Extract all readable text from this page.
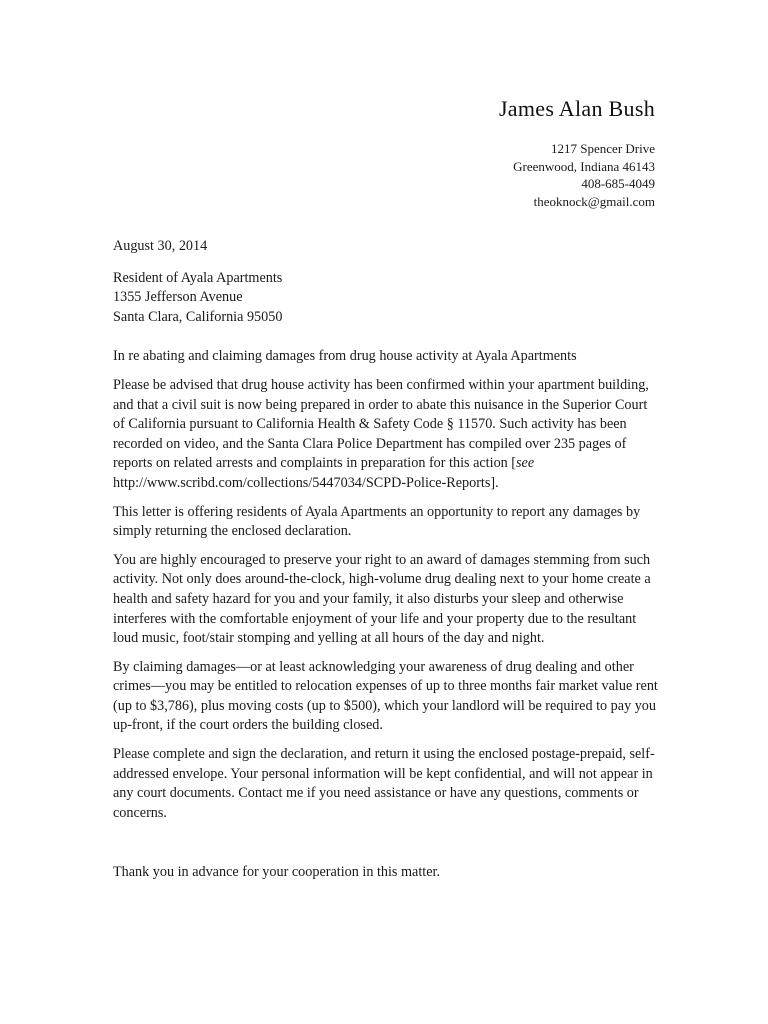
James Alan Bush
1217 Spencer Drive
Greenwood, Indiana 46143
408-685-4049
theoknock@gmail.com

August 30, 2014

Resident of Ayala Apartments
1355 Jefferson Avenue
Santa Clara, California 95050

In re abating and claiming damages from drug house activity at Ayala Apartments

Please be advised that drug house activity has been confirmed within your apartment building, and that a civil suit is now being prepared in order to abate this nuisance in the Superior Court of California pursuant to California Health & Safety Code § 11570. Such activity has been recorded on video, and the Santa Clara Police Department has compiled over 235 pages of reports on related arrests and complaints in preparation for this action [see http://www.scribd.com/collections/5447034/SCPD-Police-Reports].

This letter is offering residents of Ayala Apartments an opportunity to report any damages by simply returning the enclosed declaration.

You are highly encouraged to preserve your right to an award of damages stemming from such activity. Not only does around-the-clock, high-volume drug dealing next to your home create a health and safety hazard for you and your family, it also disturbs your sleep and otherwise interferes with the comfortable enjoyment of your life and your property due to the resultant loud music, foot/stair stomping and yelling at all hours of the day and night.

By claiming damages—or at least acknowledging your awareness of drug dealing and other crimes—you may be entitled to relocation expenses of up to three months fair market value rent (up to $3,786), plus moving costs (up to $500), which your landlord will be required to pay you up-front, if the court orders the building closed.

Please complete and sign the declaration, and return it using the enclosed postage-prepaid, self-addressed envelope. Your personal information will be kept confidential, and will not appear in any court documents. Contact me if you need assistance or have any questions, comments or concerns.

Thank you in advance for your cooperation in this matter.
